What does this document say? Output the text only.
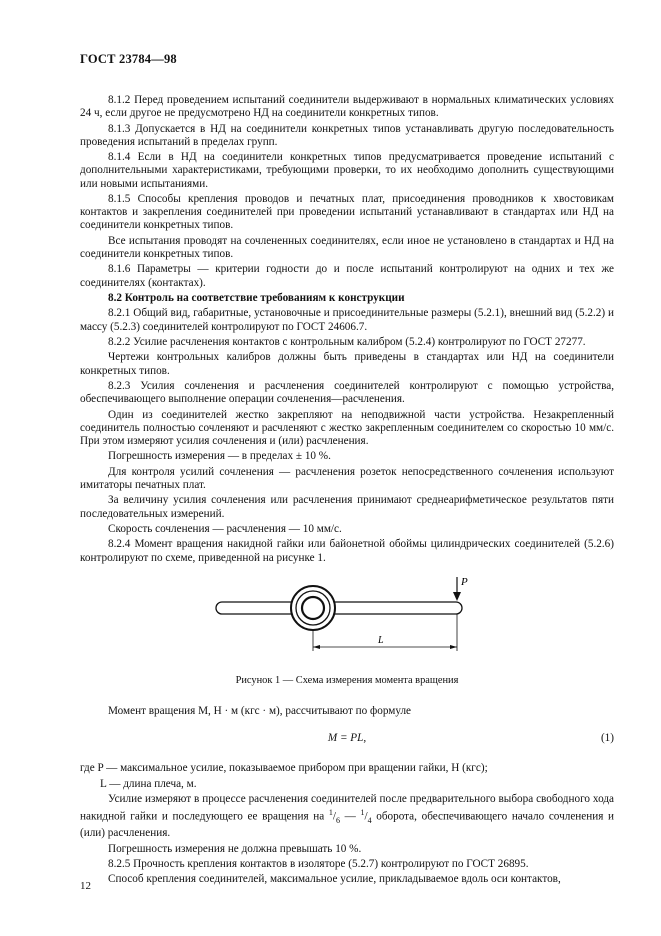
ГОСТ 23784—98

8.1.2 Перед проведением испытаний соединители выдерживают в нормальных климатических условиях 24 ч, если другое не предусмотрено НД на соединители конкретных типов.

8.1.3 Допускается в НД на соединители конкретных типов устанавливать другую последовательность проведения испытаний в пределах групп.

8.1.4 Если в НД на соединители конкретных типов предусматривается проведение испытаний с дополнительными характеристиками, требующими проверки, то их необходимо дополнить существующими или новыми испытаниями.

8.1.5 Способы крепления проводов и печатных плат, присоединения проводников к хвостовикам контактов и закрепления соединителей при проведении испытаний устанавливают в стандартах или НД на соединители конкретных типов.

Все испытания проводят на сочлененных соединителях, если иное не установлено в стандартах и НД на соединители конкретных типов.

8.1.6 Параметры — критерии годности до и после испытаний контролируют на одних и тех же соединителях (контактах).

8.2 Контроль на соответствие требованиям к конструкции

8.2.1 Общий вид, габаритные, установочные и присоединительные размеры (5.2.1), внешний вид (5.2.2) и массу (5.2.3) соединителей контролируют по ГОСТ 24606.7.

8.2.2 Усилие расчленения контактов с контрольным калибром (5.2.4) контролируют по ГОСТ 27277.

Чертежи контрольных калибров должны быть приведены в стандартах или НД на соединители конкретных типов.

8.2.3 Усилия сочленения и расчленения соединителей контролируют с помощью устройства, обеспечивающего выполнение операции сочленения—расчленения.

Один из соединителей жестко закрепляют на неподвижной части устройства. Незакрепленный соединитель полностью сочленяют и расчленяют с жестко закрепленным соединителем со скоростью 10 мм/с. При этом измеряют усилия сочленения и (или) расчленения.

Погрешность измерения — в пределах ± 10 %.

Для контроля усилий сочленения — расчленения розеток непосредственного сочленения используют имитаторы печатных плат.

За величину усилия сочленения или расчленения принимают среднеарифметическое результатов пяти последовательных измерений.

Скорость сочленения — расчленения — 10 мм/с.

8.2.4 Момент вращения накидной гайки или байонетной обоймы цилиндрических соединителей (5.2.6) контролируют по схеме, приведенной на рисунке 1.

P
L
Рисунок 1 — Схема измерения момента вращения

Момент вращения M, Н · м (кгс · м), рассчитывают по формуле

M = PL,	(1)

где P — максимальное усилие, показываемое прибором при вращении гайки, Н (кгс);

L — длина плеча, м.

Усилие измеряют в процессе расчленения соединителей после предварительного выбора свободного хода накидной гайки и последующего ее вращения на $^1/_6$ — $^1/_4$ оборота, обеспечивающего начало сочленения и (или) расчленения.

Погрешность измерения не должна превышать 10 %.

8.2.5 Прочность крепления контактов в изоляторе (5.2.7) контролируют по ГОСТ 26895.

Способ крепления соединителей, максимальное усилие, прикладываемое вдоль оси контактов,

12
